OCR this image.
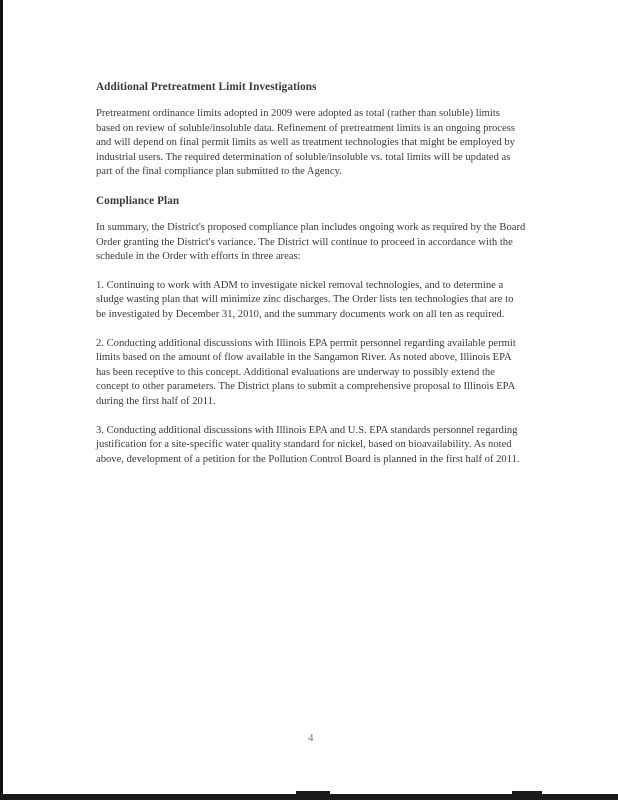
Additional Pretreatment Limit Investigations

Pretreatment ordinance limits adopted in 2009 were adopted as total (rather than soluble) limits based on review of soluble/insoluble data. Refinement of pretreatment limits is an ongoing process and will depend on final permit limits as well as treatment technologies that might be employed by industrial users. The required determination of soluble/insoluble vs. total limits will be updated as part of the final compliance plan submitted to the Agency.

Compliance Plan

In summary, the District's proposed compliance plan includes ongoing work as required by the Board Order granting the District's variance. The District will continue to proceed in accordance with the schedule in the Order with efforts in three areas:

1. Continuing to work with ADM to investigate nickel removal technologies, and to determine a sludge wasting plan that will minimize zinc discharges. The Order lists ten technologies that are to be investigated by December 31, 2010, and the summary documents work on all ten as required.

2. Conducting additional discussions with Illinois EPA permit personnel regarding available permit limits based on the amount of flow available in the Sangamon River. As noted above, Illinois EPA has been receptive to this concept. Additional evaluations are underway to possibly extend the concept to other parameters. The District plans to submit a comprehensive proposal to Illinois EPA during the first half of 2011.

3. Conducting additional discussions with Illinois EPA and U.S. EPA standards personnel regarding justification for a site-specific water quality standard for nickel, based on bioavailability. As noted above, development of a petition for the Pollution Control Board is planned in the first half of 2011.

4
